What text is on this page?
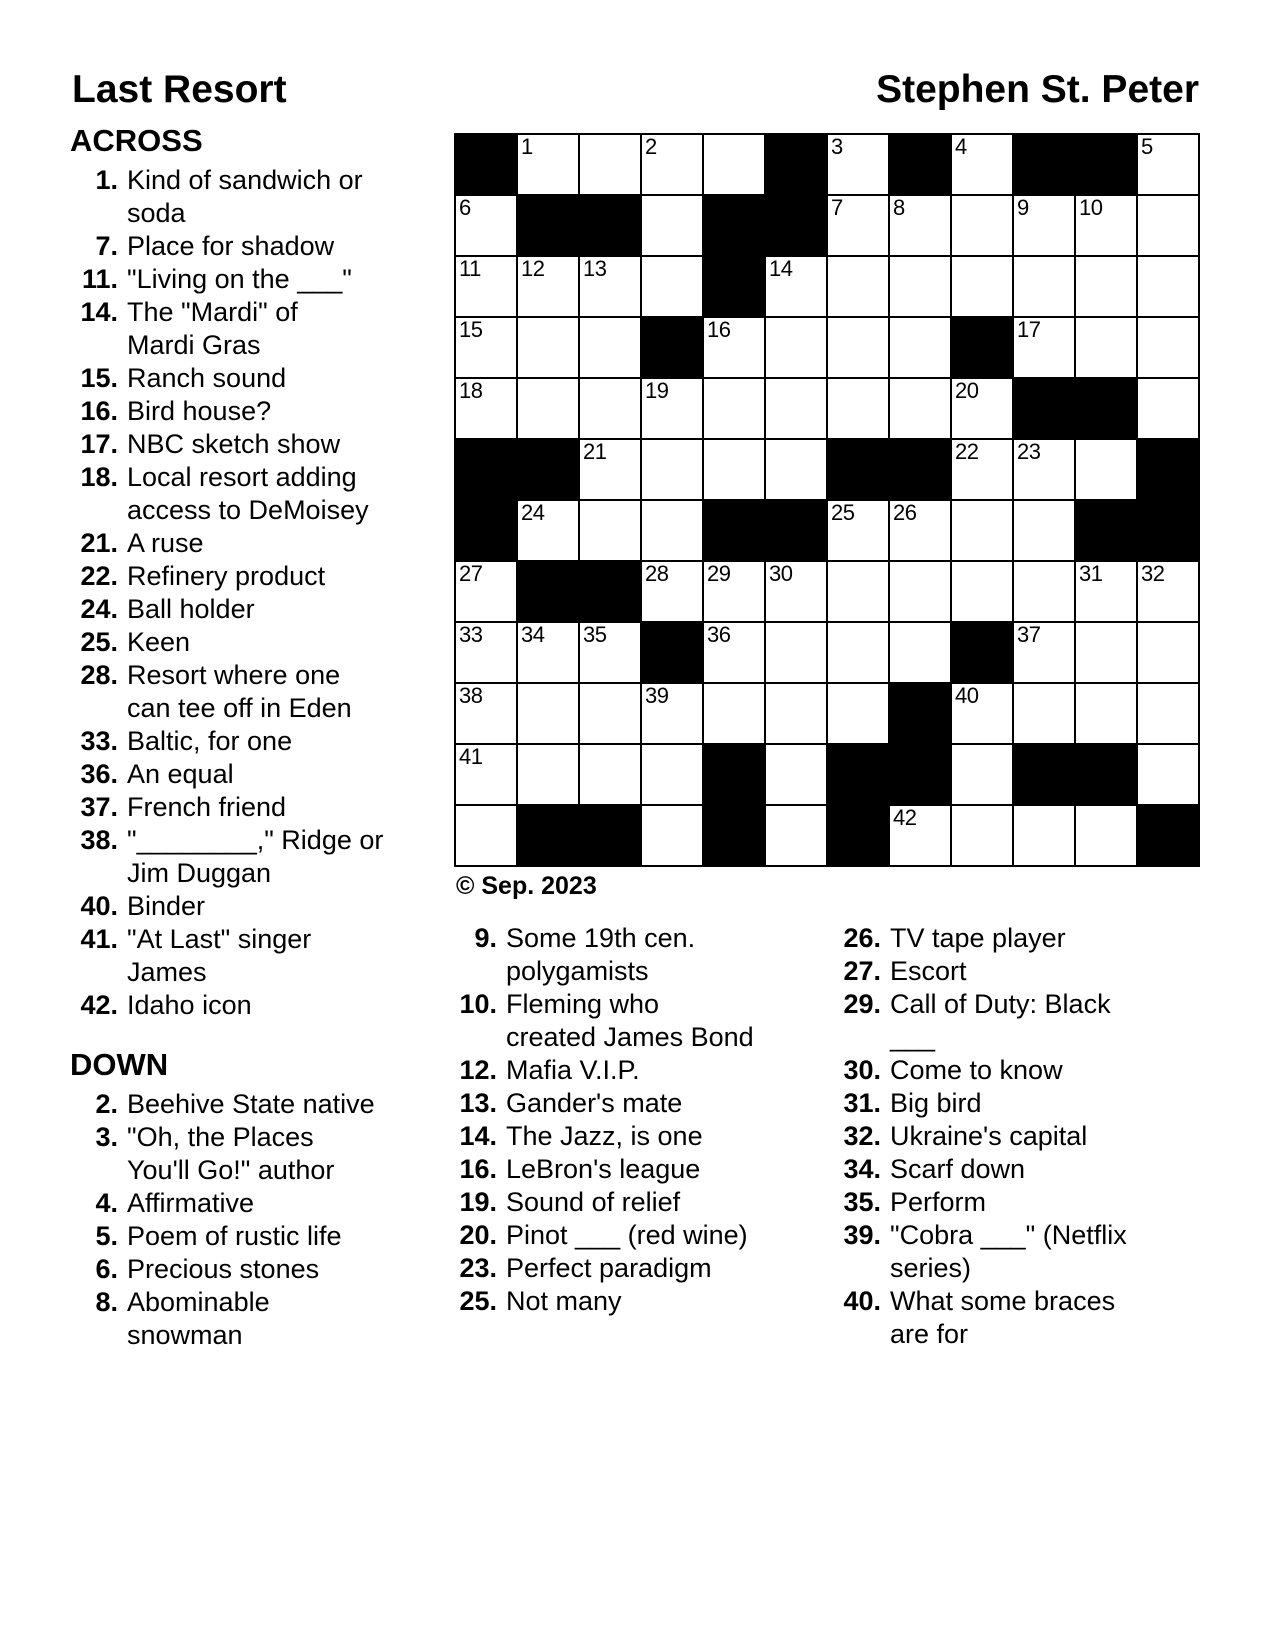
Last Resort	Stephen St. Peter
ACROSS
1. Kind of sandwich or
soda
7. Place for shadow
11. "Living on the ___"
14. The "Mardi" of
Mardi Gras
15. Ranch sound
16. Bird house?
17. NBC sketch show
18. Local resort adding
access to DeMoisey
21. A ruse
22. Refinery product
24. Ball holder
25. Keen
28. Resort where one
can tee off in Eden
33. Baltic, for one
36. An equal
37. French friend
38. "________," Ridge or
Jim Duggan
40. Binder
41. "At Last" singer
James
42. Idaho icon
DOWN
2. Beehive State native
3. "Oh, the Places
You'll Go!" author
4. Affirmative
5. Poem of rustic life
6. Precious stones
8. Abominable
snowman
1	2	3	4	5
6	7 8	9 10
11 12 13	14
15	16	17
18	19	20
21	22 23
24	25 26
27	28 29 30	31 32
33 34 35	36	37
38	39	40
41
42
© Sep. 2023
9. Some 19th cen.
polygamists
10. Fleming who
created James Bond
12. Mafia V.I.P.
13. Gander's mate
14. The Jazz, is one
16. LeBron's league
19. Sound of relief
20. Pinot ___ (red wine)
23. Perfect paradigm
25. Not many
26. TV tape player
27. Escort
29. Call of Duty: Black
___
30. Come to know
31. Big bird
32. Ukraine's capital
34. Scarf down
35. Perform
39. "Cobra ___" (Netflix
series)
40. What some braces
are for
